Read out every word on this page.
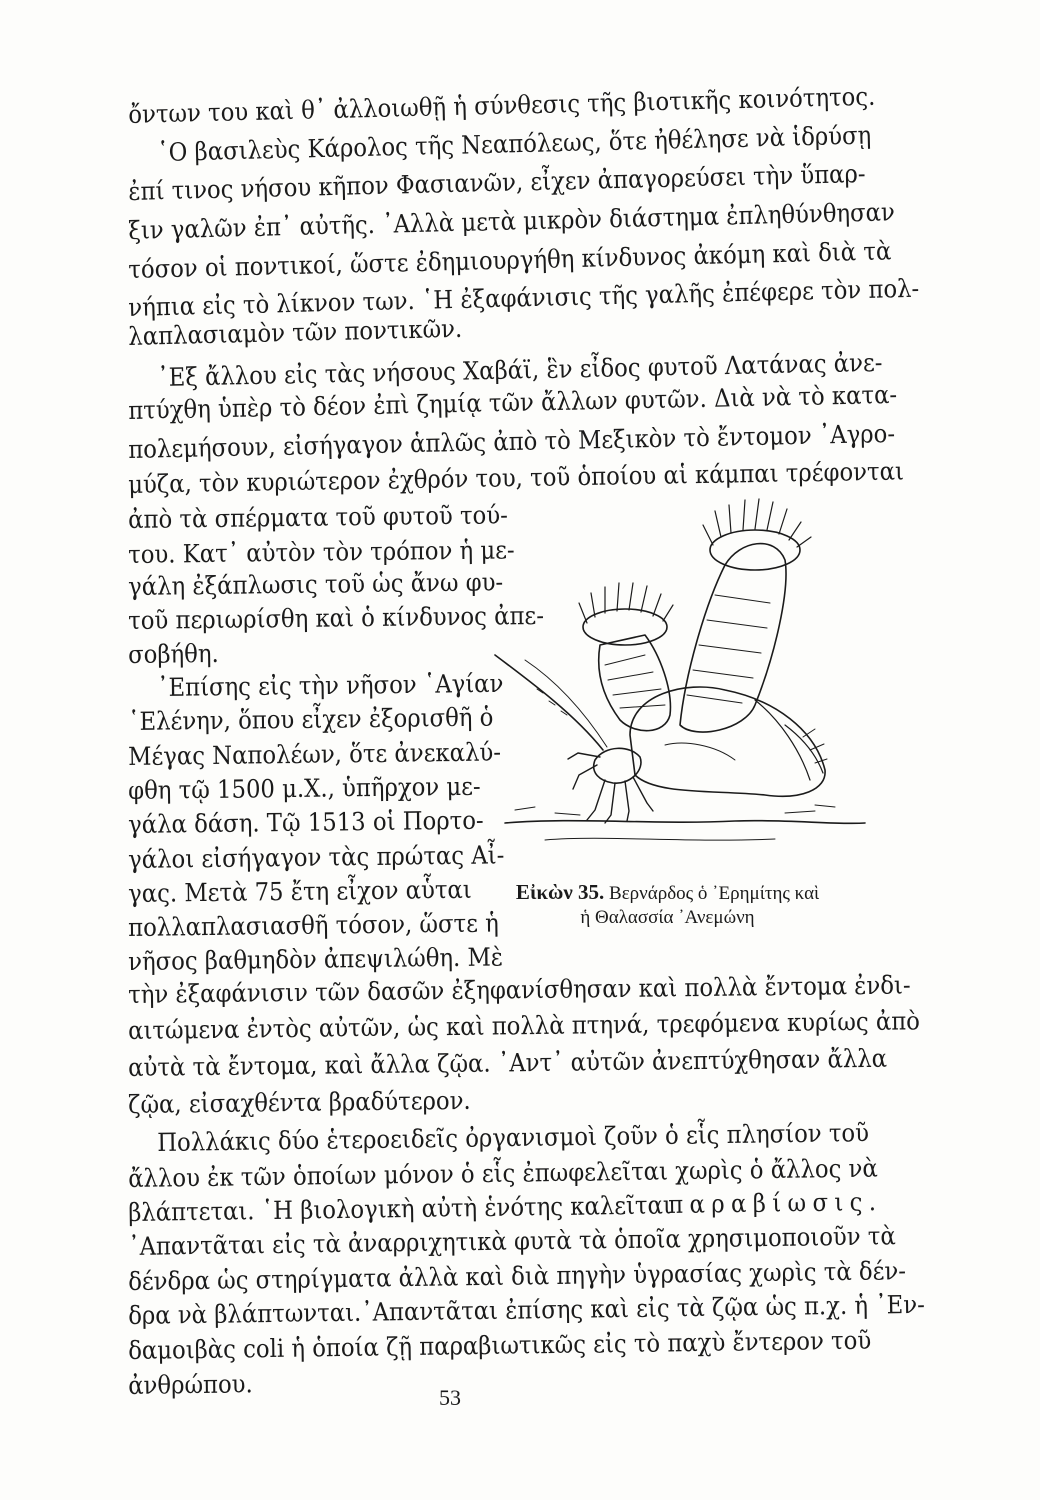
ὄντων του καὶ θ᾽ ἀλλοιωθῇ ἡ σύνθεσις τῆς βιοτικῆς κοινότητος.
῾Ο βασιλεὺς Κάρολος τῆς Νεαπόλεως, ὅτε ἠθέλησε νὰ ἱδρύσῃ
ἐπί τινος νήσου κῆπον Φασιανῶν, εἶχεν ἀπαγορεύσει τὴν ὕπαρ-
ξιν γαλῶν ἐπ᾽ αὐτῆς. ᾽Αλλὰ μετὰ μικρὸν διάστημα ἐπληθύνθησαν
τόσον οἱ ποντικοί, ὥστε ἐδημιουργήθη κίνδυνος ἀκόμη καὶ διὰ τὰ
νήπια εἰς τὸ λίκνον των. ῾Η ἐξαφάνισις τῆς γαλῆς ἐπέφερε τὸν πολ-
λαπλασιαμὸν τῶν ποντικῶν.
᾽Εξ ἄλλου εἰς τὰς νήσους Χαβάϊ, ἓν εἶδος φυτοῦ Λατάνας ἀνε-
πτύχθη ὑπὲρ τὸ δέον ἐπὶ ζημίᾳ τῶν ἄλλων φυτῶν. Διὰ νὰ τὸ κατα-
πολεμήσουν, εἰσήγαγον ἁπλῶς ἀπὸ τὸ Μεξικὸν τὸ ἔντομον ᾽Αγρο-
μύζα, τὸν κυριώτερον ἐχθρόν του, τοῦ ὁποίου αἱ κάμπαι τρέφονται
ἀπὸ τὰ σπέρματα τοῦ φυτοῦ τού-
του. Κατ᾽ αὐτὸν τὸν τρόπον ἡ με-
γάλη ἐξάπλωσις τοῦ ὡς ἄνω φυ-
τοῦ περιωρίσθη καὶ ὁ κίνδυνος ἀπε-
σοβήθη.
᾽Επίσης εἰς τὴν νῆσον ῾Αγίαν
῾Ελένην, ὅπου εἶχεν ἐξορισθῆ ὁ
Μέγας Ναπολέων, ὅτε ἀνεκαλύ-
φθη τῷ 1500 μ.Χ., ὑπῆρχον με-
γάλα δάση. Τῷ 1513 οἱ Πορτο-
γάλοι εἰσήγαγον τὰς πρώτας Αἶ-
γας. Μετὰ 75 ἔτη εἶχον αὗται
πολλαπλασιασθῆ τόσον, ὥστε ἡ
νῆσος βαθμηδὸν ἀπεψιλώθη. Μὲ
τὴν ἐξαφάνισιν τῶν δασῶν ἐξηφανίσθησαν καὶ πολλὰ ἔντομα ἐνδι-
αιτώμενα ἐντὸς αὐτῶν, ὡς καὶ πολλὰ πτηνά, τρεφόμενα κυρίως ἀπὸ
αὐτὰ τὰ ἔντομα, καὶ ἄλλα ζῷα. ᾽Αντ᾽ αὐτῶν ἀνεπτύχθησαν ἄλλα
ζῷα, εἰσαχθέντα βραδύτερον.
Πολλάκις δύο ἑτεροειδεῖς ὀργανισμοὶ ζοῦν ὁ εἷς πλησίον τοῦ
ἄλλου ἐκ τῶν ὁποίων μόνον ὁ εἷς ἐπωφελεῖται χωρὶς ὁ ἄλλος νὰ
βλάπτεται. ῾Η βιολογικὴ αὐτὴ ἑνότης καλεῖται
παραβίωσις.
᾽Απαντᾶται εἰς τὰ ἀναρριχητικὰ φυτὰ τὰ ὁποῖα χρησιμοποιοῦν τὰ
δένδρα ὡς στηρίγματα ἀλλὰ καὶ διὰ πηγὴν ὑγρασίας χωρὶς τὰ δέν-
δρα νὰ βλάπτωνται.᾽Απαντᾶται ἐπίσης καὶ εἰς τὰ ζῷα ὡς π.χ. ἡ ᾽Εν-
δαμοιβὰς coli ἡ ὁποία ζῇ παραβιωτικῶς εἰς τὸ παχὺ ἔντερον τοῦ
ἀνθρώπου.
Εἰκὼν 35. Βερνάρδος ὁ ᾽Ερημίτης καὶ
ἡ Θαλασσία ᾽Ανεμώνη
53
